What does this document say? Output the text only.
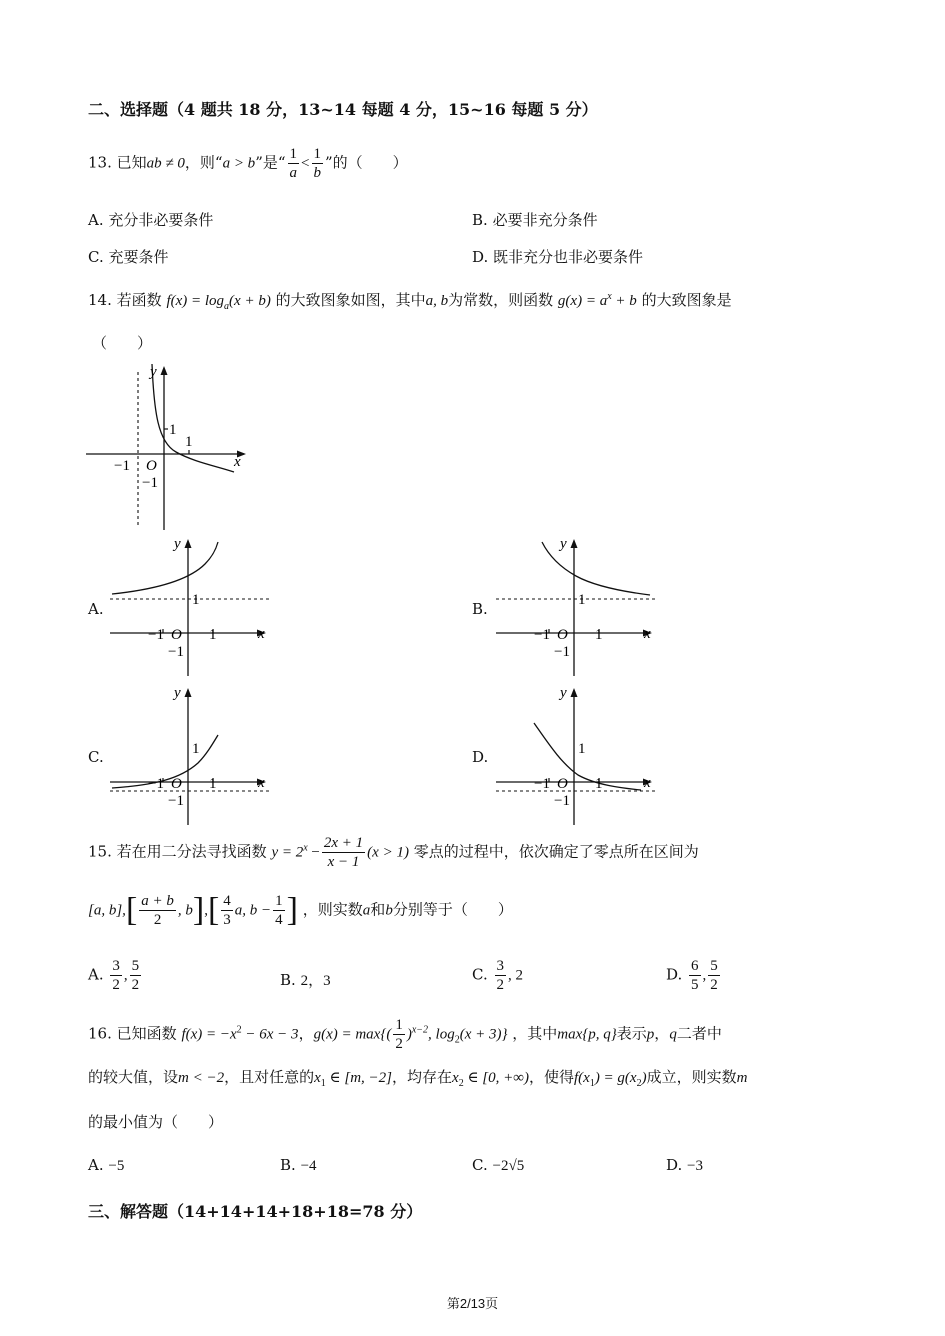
二、选择题（4 题共 18 分，13~14 每题 4 分，15~16 每题 5 分）
13. 已知ab ≠ 0，则“a > b”是“ $\frac{1}{a} < \frac{1}{b}$ ”的（　　）
A. 充分非必要条件	B. 必要非充分条件
C. 充要条件	D. 既非充分也非必要条件
14. 若函数 $f(x) = \log_a(x + b)$ 的大致图象如图，其中a, b为常数，则函数 $g(x) = a^x + b$ 的大致图象是
（　　）
y
x
O
−1
1
−1
1
A.	B.
C.	D.
y
x
O
−1	1
−1
1
y
x
O
−1	1
−1
1
y
x
O
−1	1
−1
1
y
x
O
−1	1
−1
1
15. 若在用二分法寻找函数 $y = 2^x - \frac{2x + 1}{x - 1} (x > 1)$ 零点的过程中，依次确定了零点所在区间为
[a, $b],[ \frac{a + b}{2}$ , $b],[ \frac{4}{3} a$, $b - \frac{1}{4}$ ] ，则实数a和b分别等于（　　）
A. $\frac{3}{2}$ , $\frac{5}{2}$	B. 2，3	C. $\frac{3}{2}$ , 2	D. $\frac{6}{5}$ , $\frac{5}{2}$
16. 已知函数 $f(x) = -x^2 - 6x - 3$，$g(x) = \max\{( \frac{1}{2} )^{x-2}$, $\log_2(x + 3)$} ，其中max{p, q}表示p，q二者中
的较大值，设m < −2，且对任意的$x_1$ ∈ [m, −2]，均存在$x_2$ ∈ [0, +∞)，使得$f(x_1) = g(x_2)$成立，则实数m
的最小值为（　　）
A. −5	B. −4	C. −2√5	D. −3
三、解答题（14+14+14+18+18=78 分）
第2/13页
